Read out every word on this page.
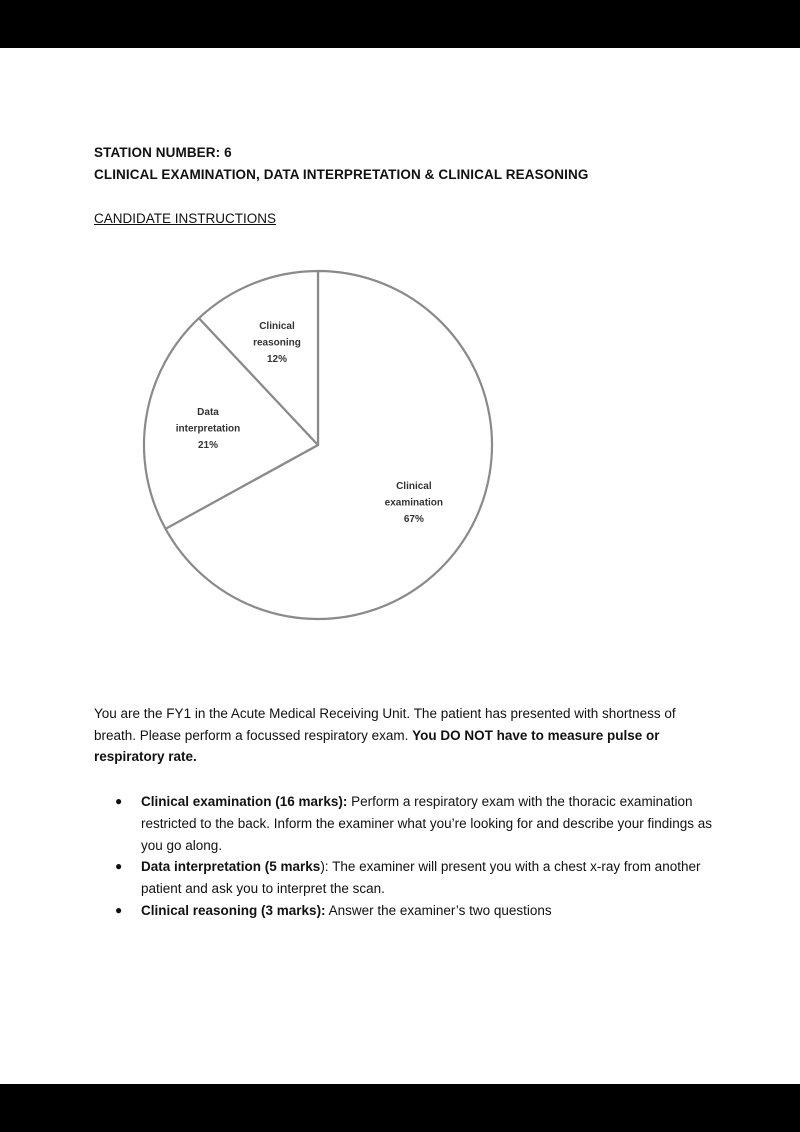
STATION NUMBER: 6
CLINICAL EXAMINATION, DATA INTERPRETATION & CLINICAL REASONING
CANDIDATE INSTRUCTIONS
Clinical examination 67%
Data interpretation 21%
Clinical reasoning 12%
You are the FY1 in the Acute Medical Receiving Unit. The patient has presented with shortness of breath. Please perform a focussed respiratory exam. You DO NOT have to measure pulse or respiratory rate.
● Clinical examination (16 marks): Perform a respiratory exam with the thoracic examination restricted to the back. Inform the examiner what you’re looking for and describe your findings as you go along.
● Data interpretation (5 marks): The examiner will present you with a chest x-ray from another patient and ask you to interpret the scan.
● Clinical reasoning (3 marks): Answer the examiner’s two questions
